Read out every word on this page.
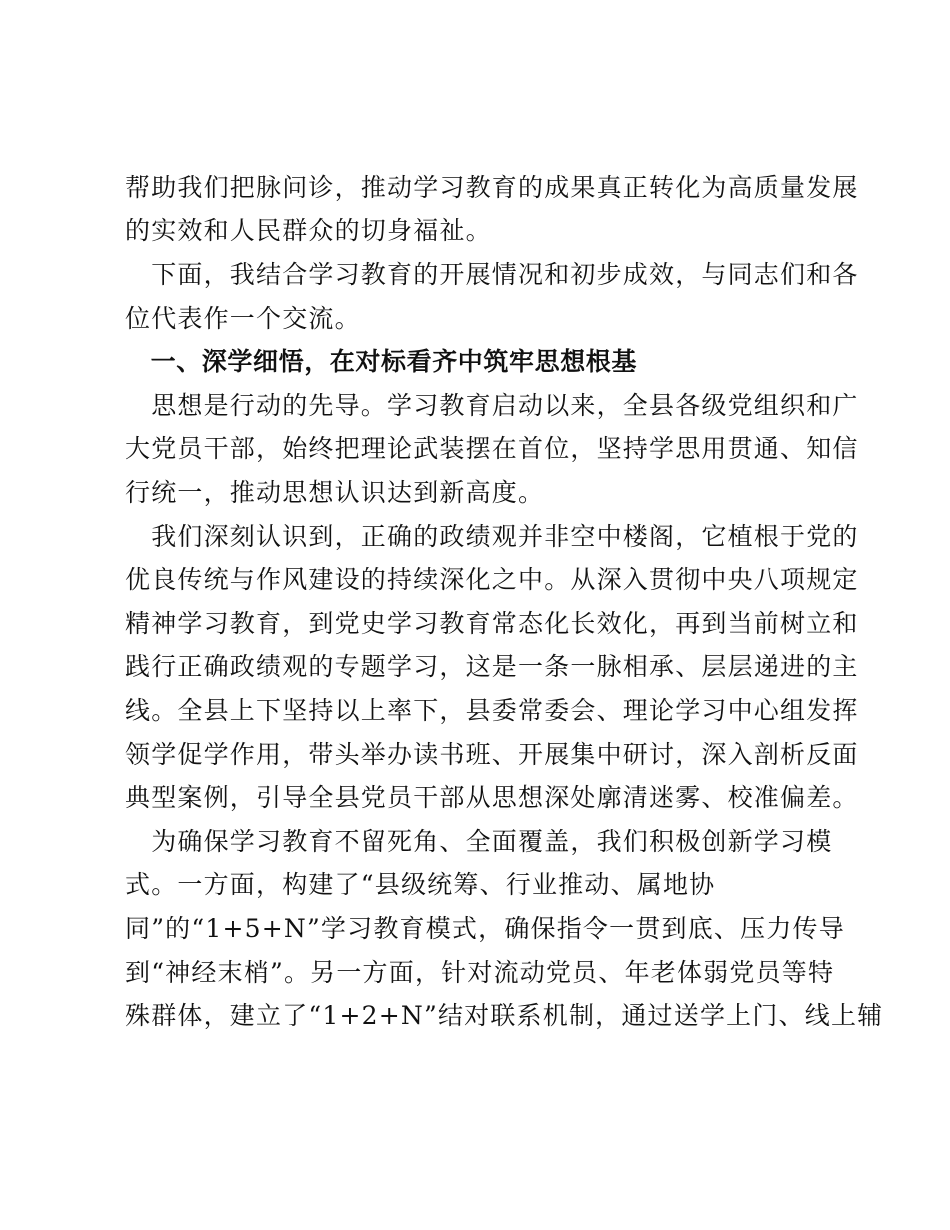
帮助我们把脉问诊，推动学习教育的成果真正转化为高质量发展
的实效和人民群众的切身福祉。
　下面，我结合学习教育的开展情况和初步成效，与同志们和各
位代表作一个交流。
　一、深学细悟，在对标看齐中筑牢思想根基
　思想是行动的先导。学习教育启动以来，全县各级党组织和广
大党员干部，始终把理论武装摆在首位，坚持学思用贯通、知信
行统一，推动思想认识达到新高度。
　我们深刻认识到，正确的政绩观并非空中楼阁，它植根于党的
优良传统与作风建设的持续深化之中。从深入贯彻中央八项规定
精神学习教育，到党史学习教育常态化长效化，再到当前树立和
践行正确政绩观的专题学习，这是一条一脉相承、层层递进的主
线。全县上下坚持以上率下，县委常委会、理论学习中心组发挥
领学促学作用，带头举办读书班、开展集中研讨，深入剖析反面
典型案例，引导全县党员干部从思想深处廓清迷雾、校准偏差。
　为确保学习教育不留死角、全面覆盖，我们积极创新学习模
式。一方面，构建了“县级统筹、行业推动、属地协
同”的“1+5+N”学习教育模式，确保指令一贯到底、压力传导
到“神经末梢”。另一方面，针对流动党员、年老体弱党员等特
殊群体，建立了“1+2+N”结对联系机制，通过送学上门、线上辅
